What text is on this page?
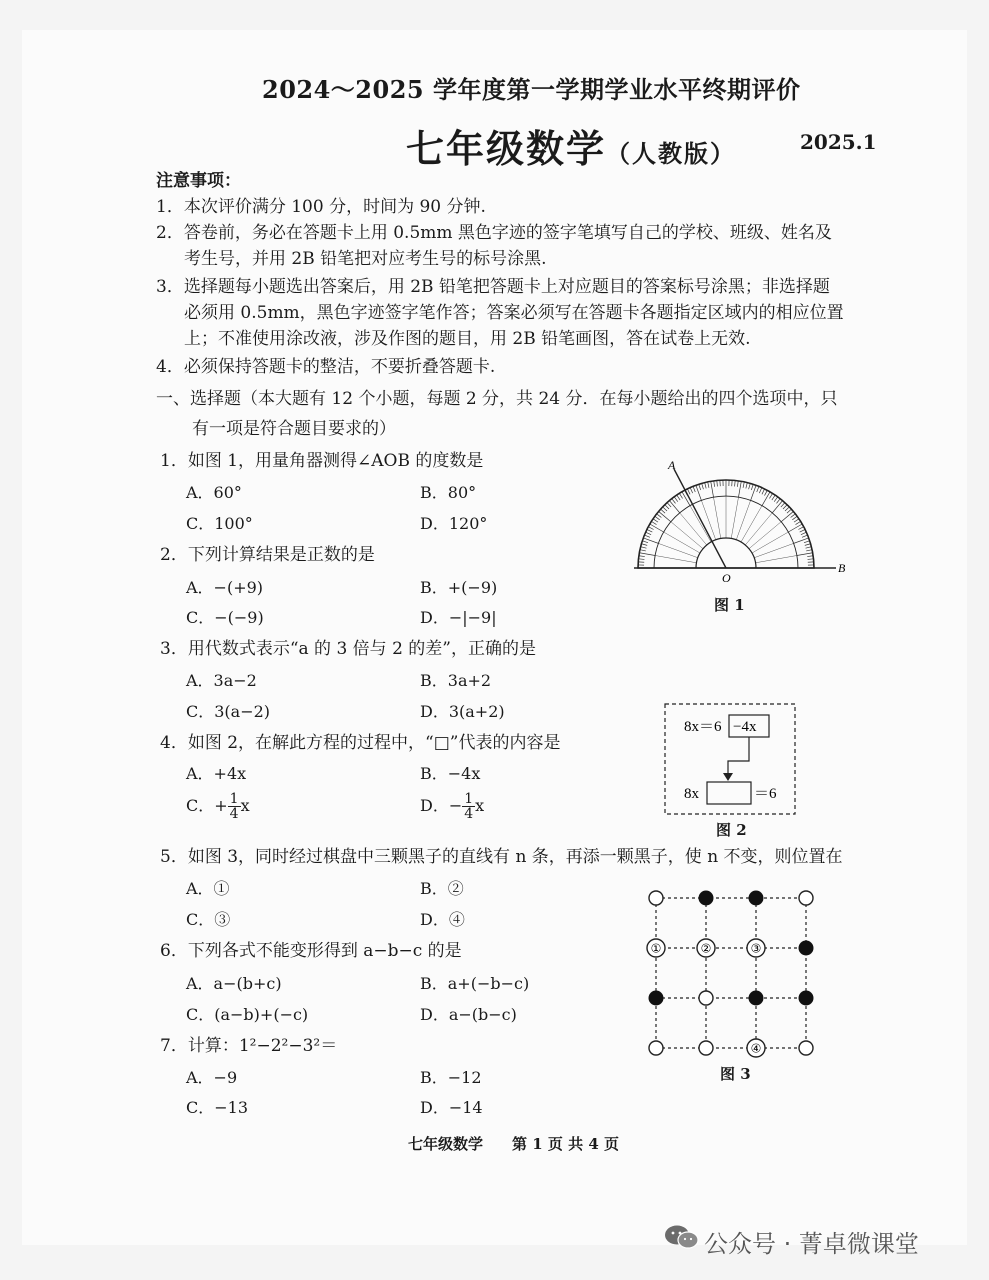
2024～2025 学年度第一学期学业水平终期评价
七年级数学（人教版）	2025.1
注意事项：
1．本次评价满分 100 分，时间为 90 分钟.
2．答卷前，务必在答题卡上用 0.5mm 黑色字迹的签字笔填写自己的学校、班级、姓名及
考生号，并用 2B 铅笔把对应考生号的标号涂黑.
3．选择题每小题选出答案后，用 2B 铅笔把答题卡上对应题目的答案标号涂黑；非选择题
必须用 0.5mm，黑色字迹签字笔作答；答案必须写在答题卡各题指定区域内的相应位置
上；不准使用涂改液，涉及作图的题目，用 2B 铅笔画图，答在试卷上无效.
4．必须保持答题卡的整洁，不要折叠答题卡.
一、选择题（本大题有 12 个小题，每题 2 分，共 24 分．在每小题给出的四个选项中，只
有一项是符合题目要求的）
1．如图 1，用量角器测得∠AOB 的度数是
A．60°	B．80°
C．100°	D．120°
2．下列计算结果是正数的是
A．−(+9)	B．+(−9)
C．−(−9)	D．−|−9|
3．用代数式表示“a 的 3 倍与 2 的差”，正确的是
A．3a−2	B．3a+2
C．3(a−2)	D．3(a+2)
4．如图 2，在解此方程的过程中，“□”代表的内容是
A．+4x	B．−4x
C．+ $\frac{1}{4}$ x	D．− $\frac{1}{4}$ x
5．如图 3，同时经过棋盘中三颗黑子的直线有 n 条，再添一颗黑子，使 n 不变，则位置在
A．①	B．②
C．③	D．④
6．下列各式不能变形得到 a−b−c 的是
A．a−(b+c)	B．a+(−b−c)
C．(a−b)+(−c)	D．a−(b−c)
7．计算：1²−2²−3²＝
A．−9	B．−12
C．−13	D．−14
A
O
B
图 1
8x＝6 −4x
8x	＝6
图 2
①	②	③
④
图 3
七年级数学 第 1 页 共 4 页
公众号 · 菁卓微课堂
